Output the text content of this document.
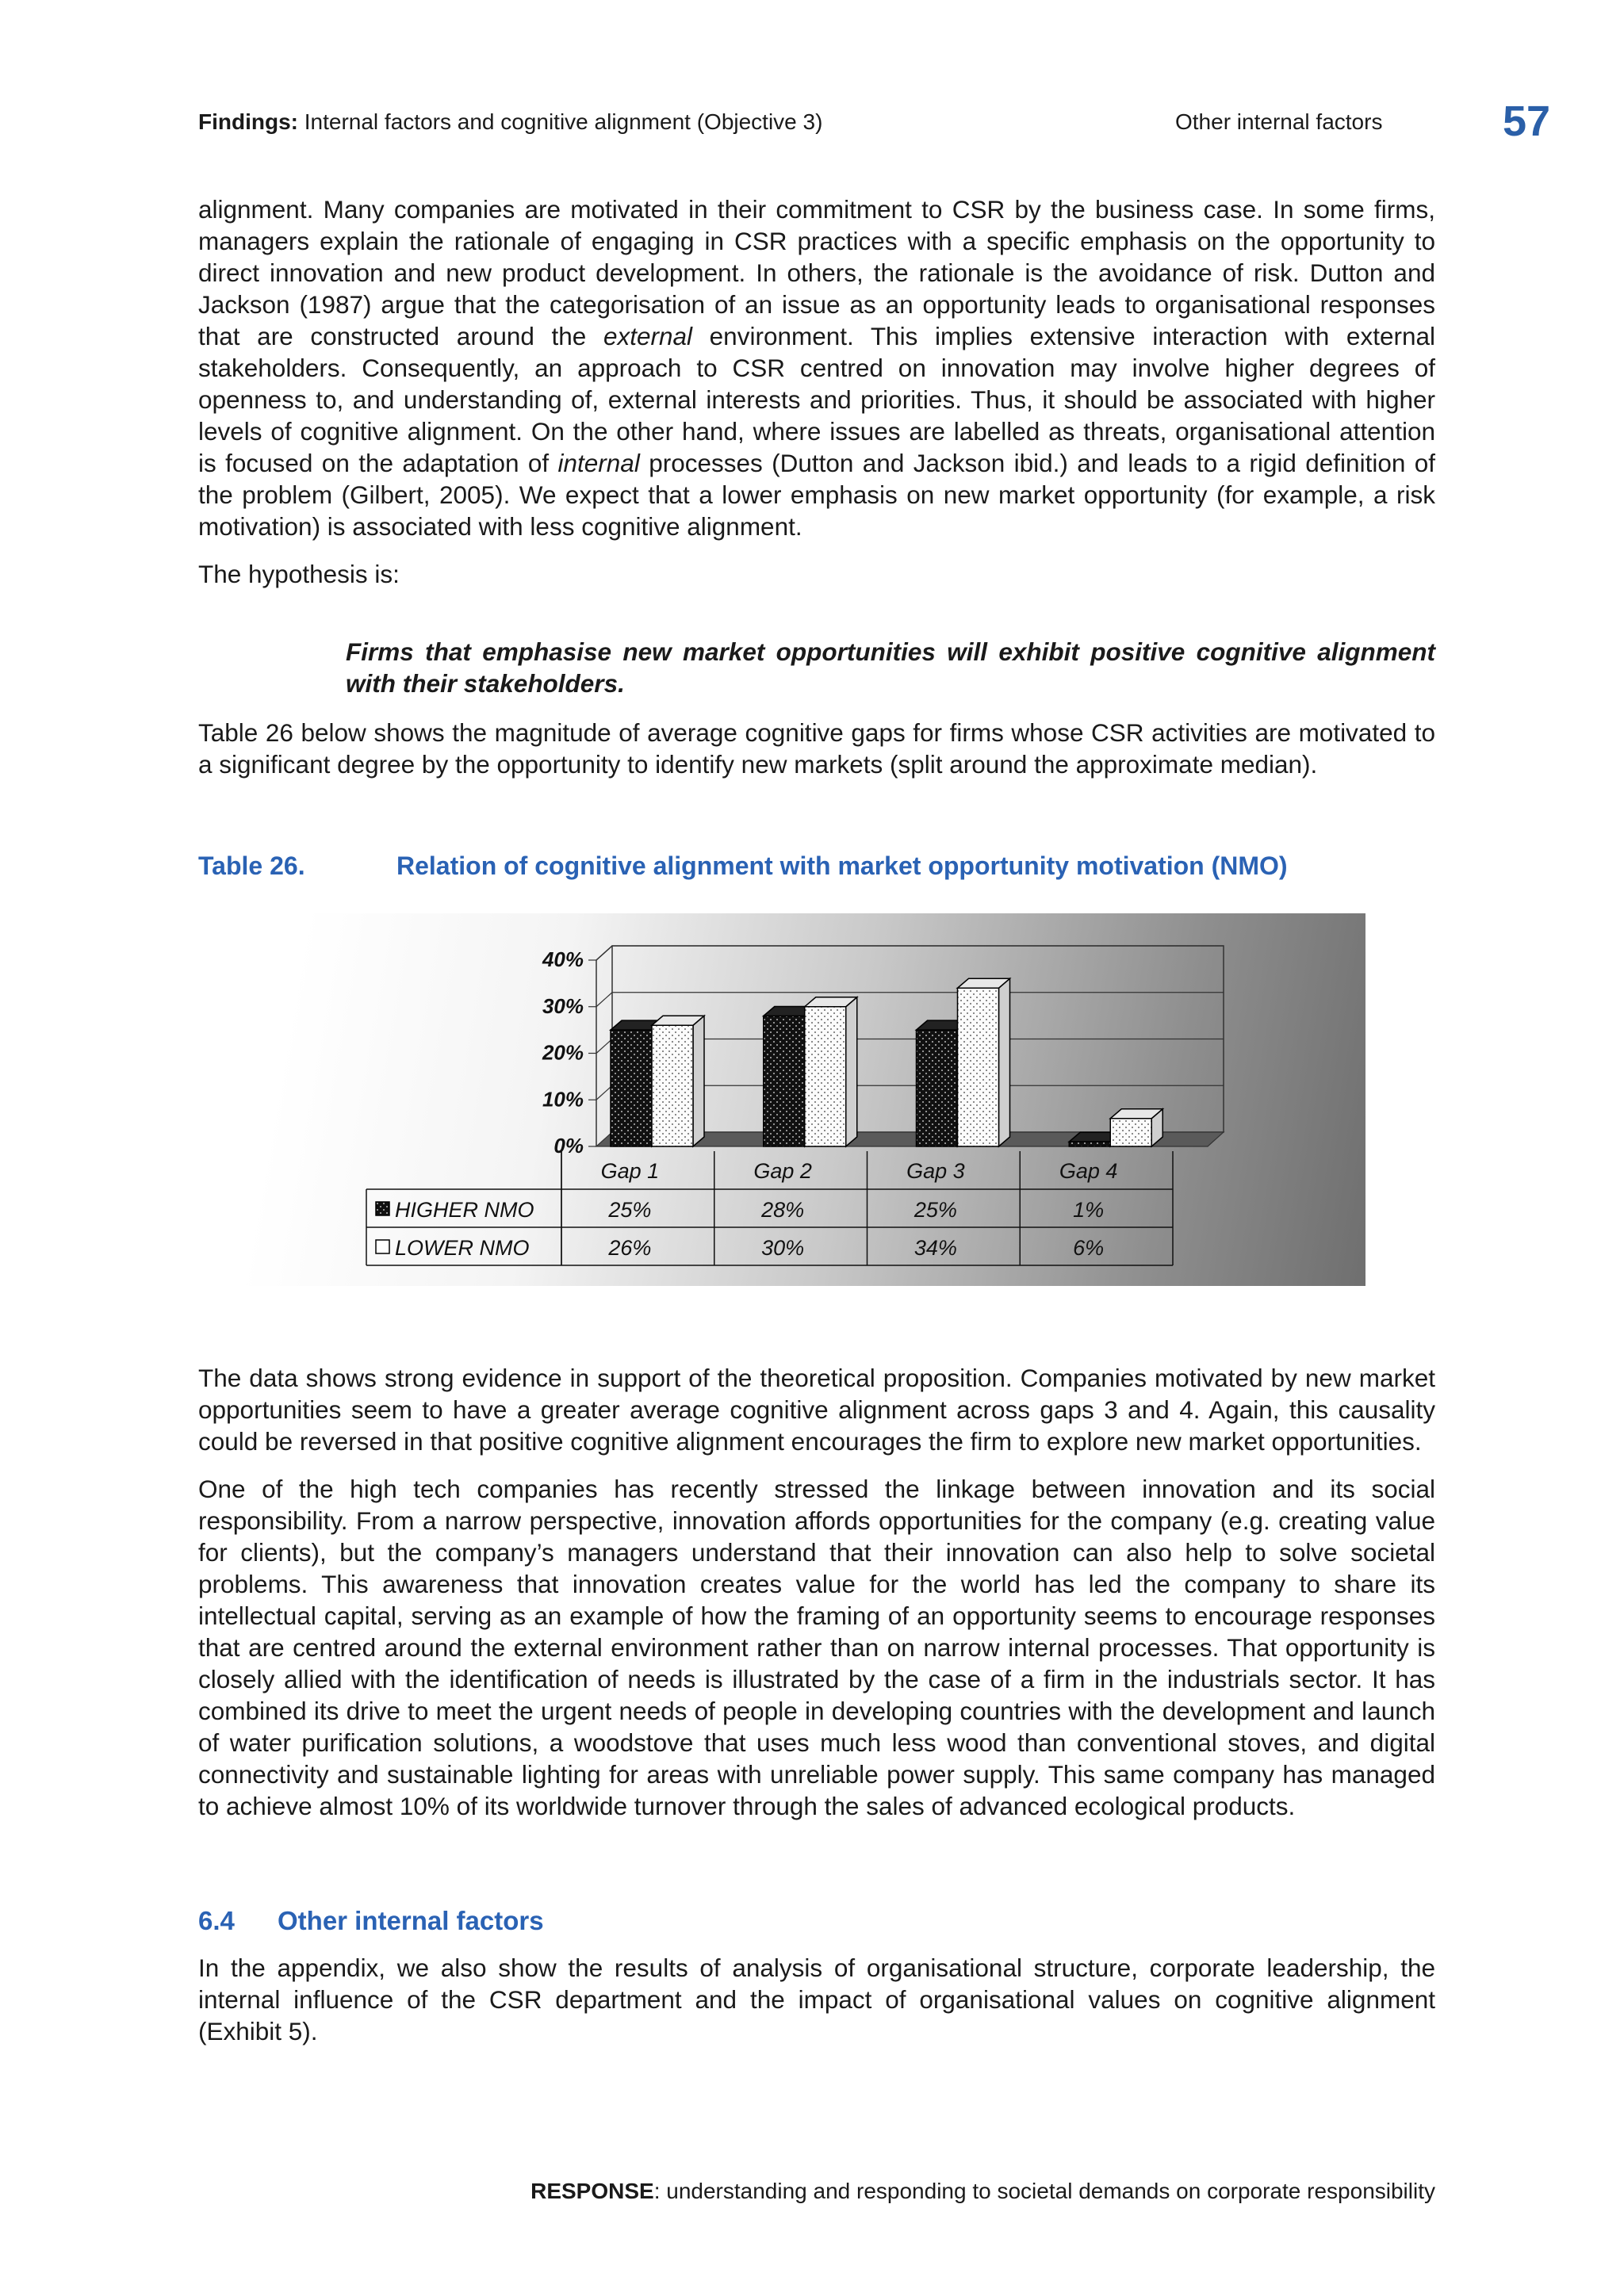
Findings: Internal factors and cognitive alignment (Objective 3)	Other internal factors	57

alignment. Many companies are motivated in their commitment to CSR by the business case. In some firms, managers explain the rationale of engaging in CSR practices with a specific emphasis on the opportunity to direct innovation and new product development. In others, the rationale is the avoidance of risk. Dutton and Jackson (1987) argue that the categorisation of an issue as an opportunity leads to organisational responses that are constructed around the external environment. This implies extensive interaction with external stakeholders. Consequently, an approach to CSR centred on innovation may involve higher degrees of openness to, and understanding of, external interests and priorities. Thus, it should be associated with higher levels of cognitive alignment. On the other hand, where issues are labelled as threats, organisational attention is focused on the adaptation of internal processes (Dutton and Jackson ibid.) and leads to a rigid definition of the problem (Gilbert, 2005). We expect that a lower emphasis on new market opportunity (for example, a risk motivation) is associated with less cognitive alignment.

The hypothesis is:

Firms that emphasise new market opportunities will exhibit positive cognitive alignment with their stakeholders.

Table 26 below shows the magnitude of average cognitive gaps for firms whose CSR activities are motivated to a significant degree by the opportunity to identify new markets (split around the approximate median).

Table 26.	Relation of cognitive alignment with market opportunity motivation (NMO)
0%
10%
20%
30%
40%
Gap 1	Gap 2	Gap 3	Gap 4
HIGHER NMO	25%	28%	25%	1%
LOWER NMO	26%	30%	34%	6%

The data shows strong evidence in support of the theoretical proposition. Companies motivated by new market opportunities seem to have a greater average cognitive alignment across gaps 3 and 4. Again, this causality could be reversed in that positive cognitive alignment encourages the firm to explore new market opportunities.

One of the high tech companies has recently stressed the linkage between innovation and its social responsibility. From a narrow perspective, innovation affords opportunities for the company (e.g. creating value for clients), but the company’s managers understand that their innovation can also help to solve societal problems. This awareness that innovation creates value for the world has led the company to share its intellectual capital, serving as an example of how the framing of an opportunity seems to encourage responses that are centred around the external environment rather than on narrow internal processes. That opportunity is closely allied with the identification of needs is illustrated by the case of a firm in the industrials sector. It has combined its drive to meet the urgent needs of people in developing countries with the development and launch of water purification solutions, a woodstove that uses much less wood than conventional stoves, and digital connectivity and sustainable lighting for areas with unreliable power supply. This same company has managed to achieve almost 10% of its worldwide turnover through the sales of advanced ecological products.

6.4 Other internal factors

In the appendix, we also show the results of analysis of organisational structure, corporate leadership, the internal influence of the CSR department and the impact of organisational values on cognitive alignment (Exhibit 5).

RESPONSE: understanding and responding to societal demands on corporate responsibility
